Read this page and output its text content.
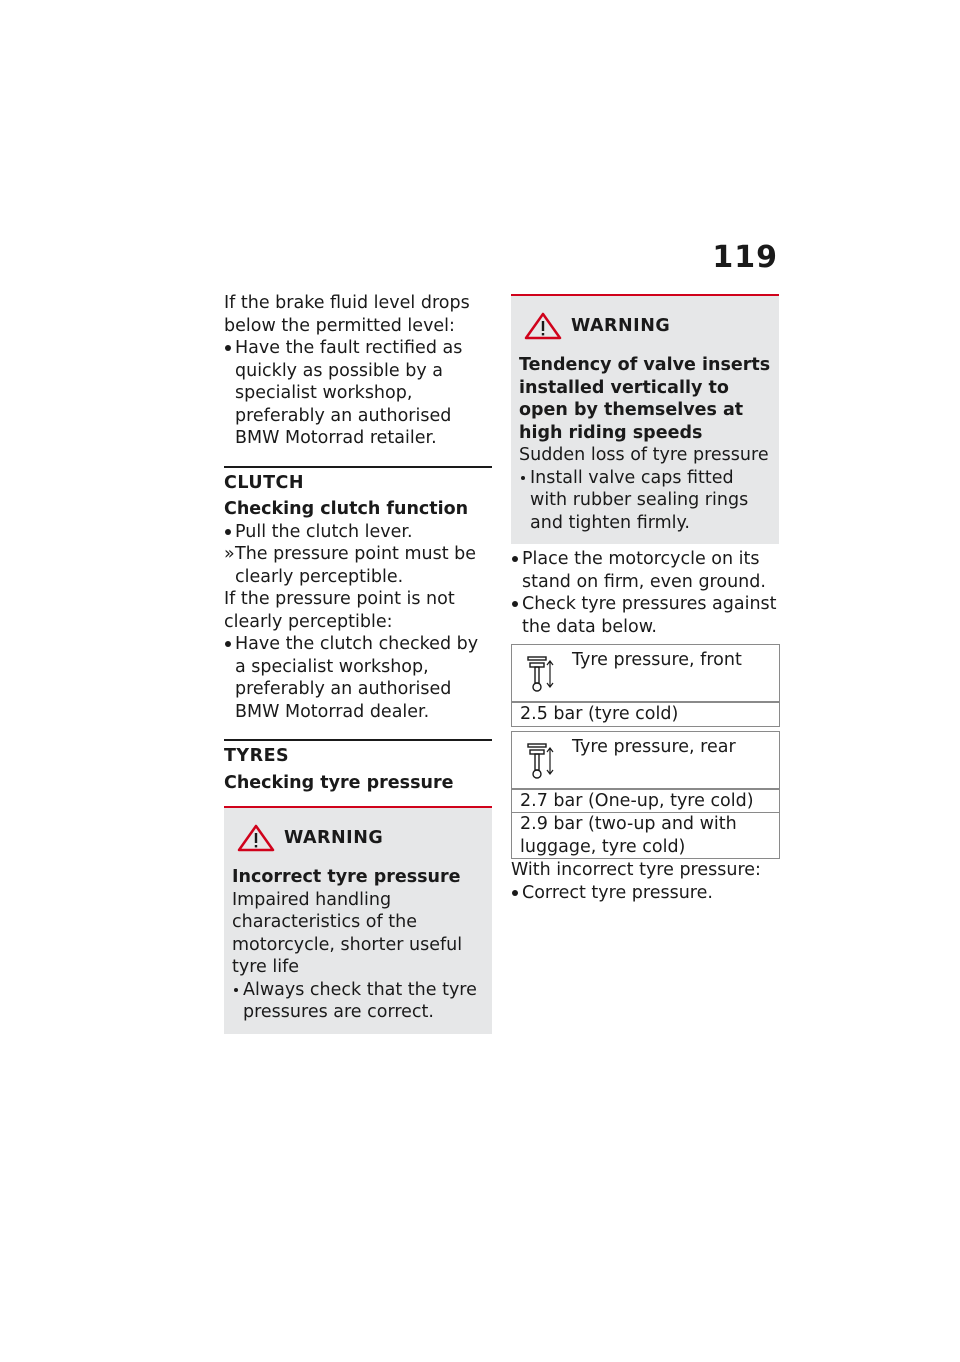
119

If the brake fluid level drops

below the permitted level:

Have the fault rectified as quickly as possible by a specialist workshop, preferably an authorised BMW Motorrad retailer.
CLUTCH
Checking clutch function
Pull the clutch lever.
» The pressure point must be clearly perceptible.

If the pressure point is not clearly perceptible:

Have the clutch checked by a specialist workshop, preferably an authorised BMW Motorrad dealer.
TYRES
Checking tyre pressure
WARNING
Incorrect tyre pressure

Impaired handling characteristics of the motorcycle, shorter useful tyre life

Always check that the tyre pressures are correct.
WARNING
Tendency of valve inserts installed vertically to open by themselves at high riding speeds

Sudden loss of tyre pressure

Install valve caps fitted with rubber sealing rings and tighten firmly.
Place the motorcycle on its stand on firm, even ground.
Check tyre pressures against the data below.
Tyre pressure, front
2.5 bar (tyre cold)
Tyre pressure, rear
2.7 bar (One-up, tyre cold)
2.9 bar (two-up and with luggage, tyre cold)

With incorrect tyre pressure:

Correct tyre pressure.
